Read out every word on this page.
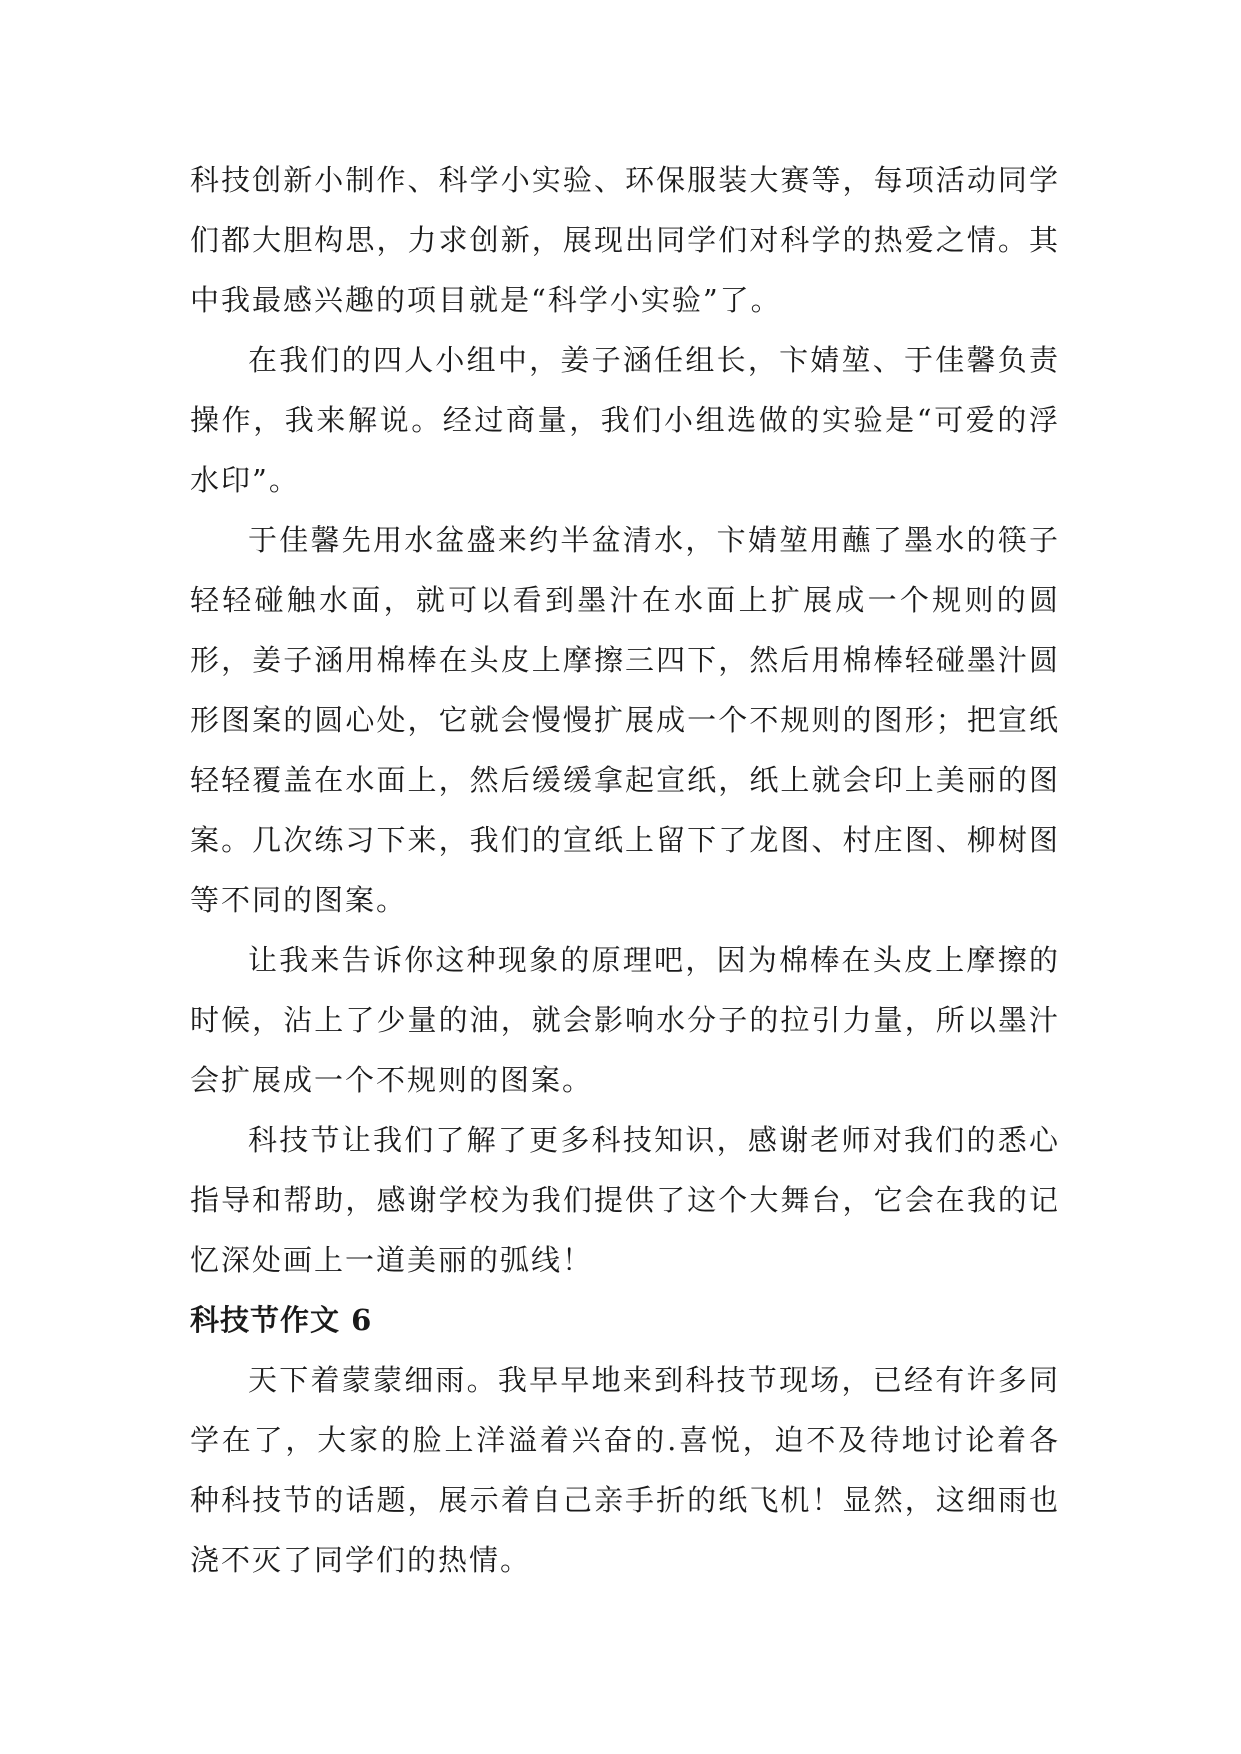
科技创新小制作、科学小实验、环保服装大赛等，每项活动同学们都大胆构思，力求创新，展现出同学们对科学的热爱之情。其中我最感兴趣的项目就是“科学小实验”了。

在我们的四人小组中，姜子涵任组长，卞婧堃、于佳馨负责操作，我来解说。经过商量，我们小组选做的实验是“可爱的浮水印”。

于佳馨先用水盆盛来约半盆清水，卞婧堃用蘸了墨水的筷子轻轻碰触水面，就可以看到墨汁在水面上扩展成一个规则的圆形，姜子涵用棉棒在头皮上摩擦三四下，然后用棉棒轻碰墨汁圆形图案的圆心处，它就会慢慢扩展成一个不规则的图形；把宣纸轻轻覆盖在水面上，然后缓缓拿起宣纸，纸上就会印上美丽的图案。几次练习下来，我们的宣纸上留下了龙图、村庄图、柳树图等不同的图案。

让我来告诉你这种现象的原理吧，因为棉棒在头皮上摩擦的时候，沾上了少量的油，就会影响水分子的拉引力量，所以墨汁会扩展成一个不规则的图案。

科技节让我们了解了更多科技知识，感谢老师对我们的悉心指导和帮助，感谢学校为我们提供了这个大舞台，它会在我的记忆深处画上一道美丽的弧线！

科技节作文 6

天下着蒙蒙细雨。我早早地来到科技节现场，已经有许多同学在了，大家的脸上洋溢着兴奋的.喜悦，迫不及待地讨论着各种科技节的话题，展示着自己亲手折的纸飞机！显然，这细雨也浇不灭了同学们的热情。
